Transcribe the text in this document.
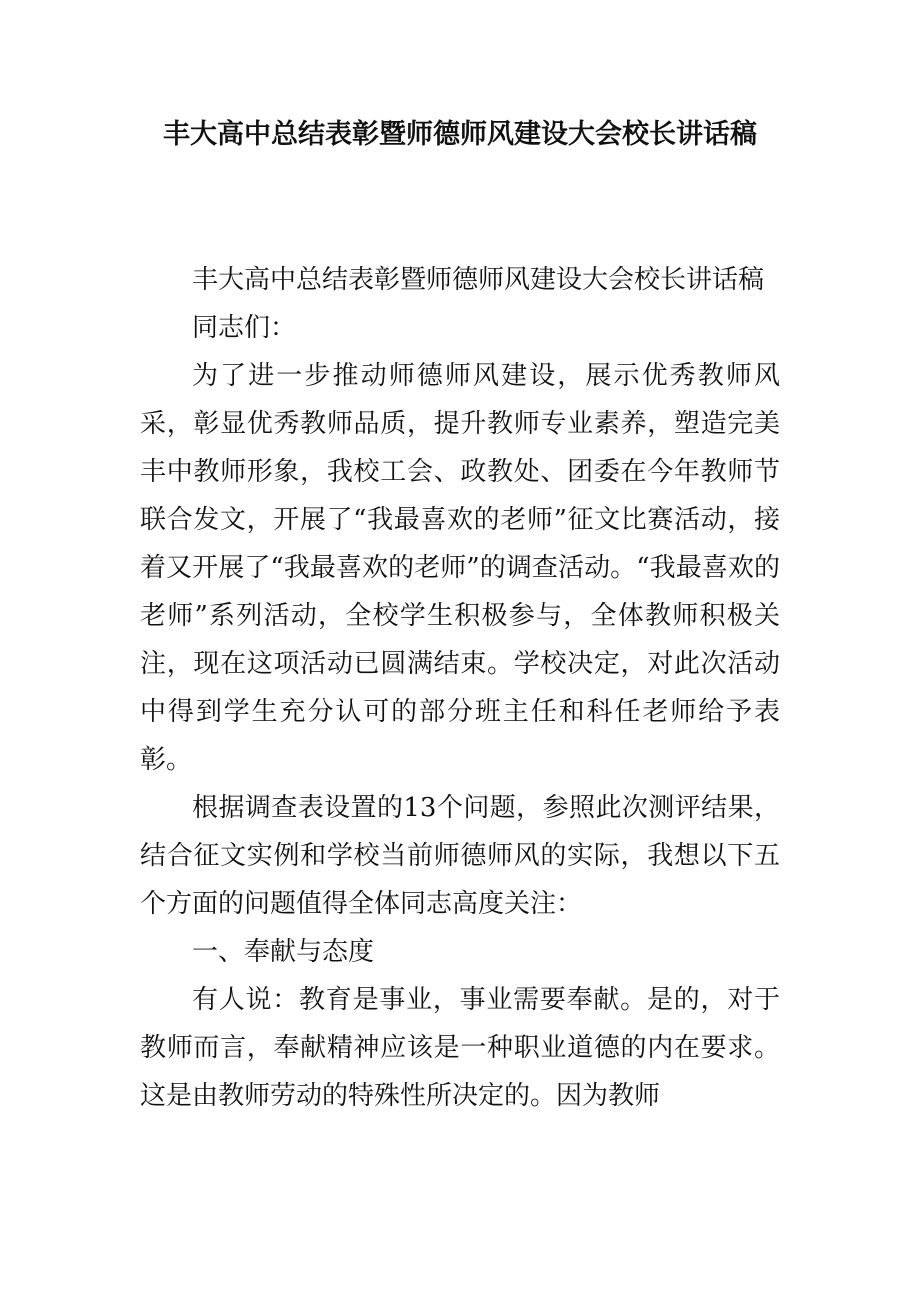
丰大高中总结表彰暨师德师风建设大会校长讲话稿

丰大高中总结表彰暨师德师风建设大会校长讲话稿

同志们：

为了进一步推动师德师风建设，展示优秀教师风采，彰显优秀教师品质，提升教师专业素养，塑造完美丰中教师形象，我校工会、政教处、团委在今年教师节联合发文，开展了“我最喜欢的老师”征文比赛活动，接着又开展了“我最喜欢的老师”的调查活动。“我最喜欢的老师”系列活动，全校学生积极参与，全体教师积极关注，现在这项活动已圆满结束。学校决定，对此次活动中得到学生充分认可的部分班主任和科任老师给予表彰。

根据调查表设置的13个问题，参照此次测评结果，结合征文实例和学校当前师德师风的实际，我想以下五个方面的问题值得全体同志高度关注：

一、奉献与态度

有人说：教育是事业，事业需要奉献。是的，对于教师而言，奉献精神应该是一种职业道德的内在要求。这是由教师劳动的特殊性所决定的。因为教师
